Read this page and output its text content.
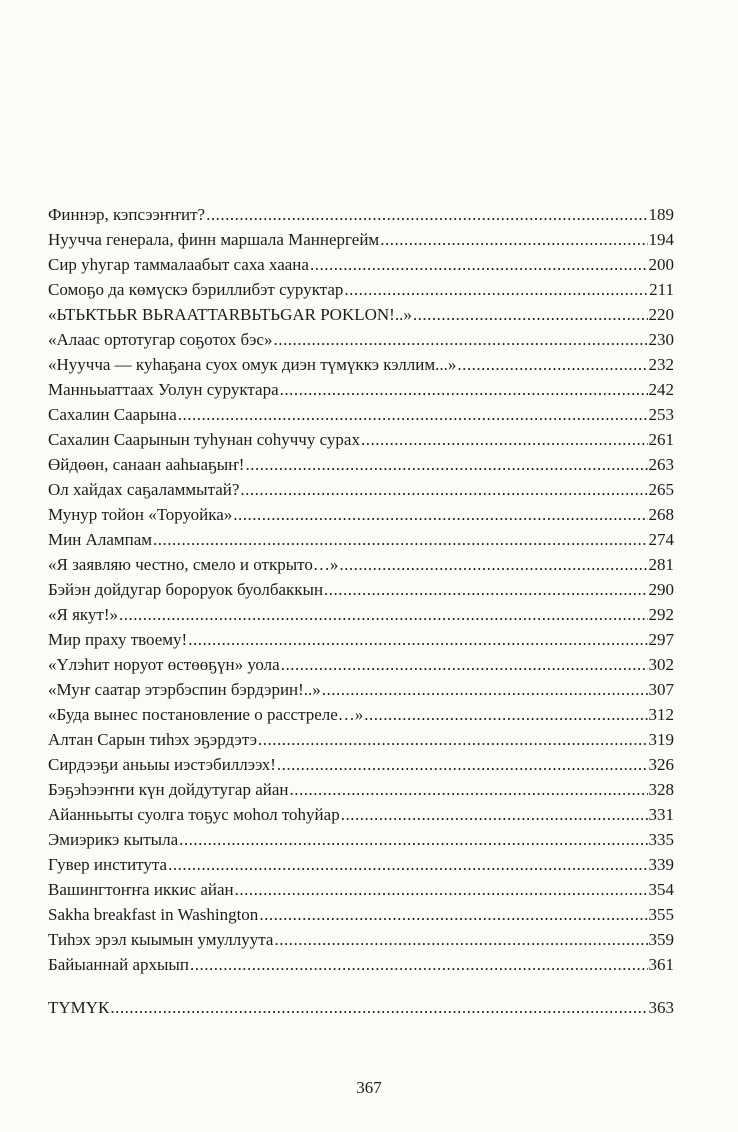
Финнэр, кэпсээҥҥит? .....	189
Нуучча генерала, финн маршала Маннергейм .....	194
Сир уһугар таммалаабыт саха хаана .....	200
Сомоҕо да көмүскэ бэриллибэт суруктар .....	211
«ЬТЬКТЬЬR ВЬRAATTARВЬТЬGAR POKLON!..» .....	220
«Алаас ортотугар соҕотох бэс» .....	230
«Нуучча — куһаҕана суох омук диэн түмүккэ кэллим...» .....	232
Манньыаттаах Уолун суруктара .....	242
Сахалин Саарына .....	253
Сахалин Саарынын туһунан соһуччу сурах .....	261
Өйдөөн, санаан ааһыаҕыҥ! .....	263
Ол хайдах саҕаламмытай? .....	265
Мунур тойон «Торуойка» .....	268
Мин Алампам .....	274
«Я заявляю честно, смело и открыто…» .....	281
Бэйэн дойдугар бороруок буолбаккын .....	290
«Я якут!» .....	292
Мир праху твоему! .....	297
«Үлэһит норуот өстөөҕүн» уола .....	302
«Муҥ саатар этэрбэспин бэрдэрин!..» .....	307
«Буда вынес постановление о расстреле…» .....	312
Алтан Сарын тиһэх эҕэрдэтэ .....	319
Сирдээҕи аньыы иэстэбиллээх! .....	326
Бэҕэһээҥҥи күн дойдутугар айан .....	328
Айанньыты суолга тоҕус моһол тоһуйар .....	331
Эмиэрикэ кытыла .....	335
Гувер института .....	339
Вашингтоҥҥа иккис айан .....	354
Sakha breakfast in Washington .....	355
Тиһэх эрэл кыымын умуллуута .....	359
Байыаннай архыып .....	361
ТҮМҮК .....	363
367
